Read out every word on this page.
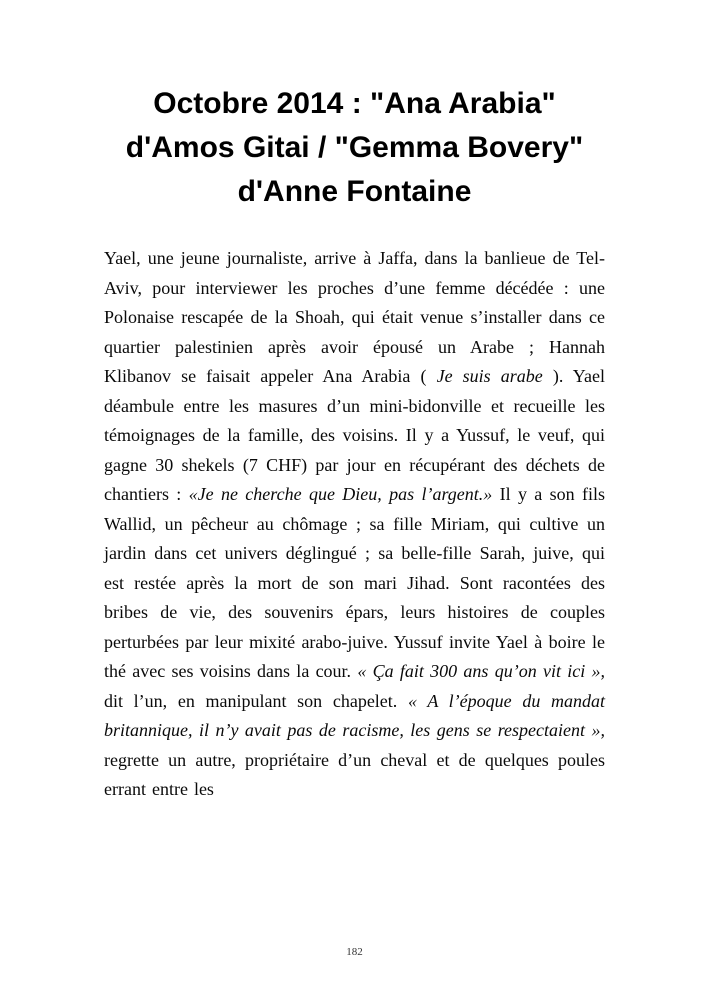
Octobre 2014 : "Ana Arabia" d'Amos Gitai / "Gemma Bovery" d'Anne Fontaine

Yael, une jeune journaliste, arrive à Jaffa, dans la banlieue de Tel-Aviv, pour interviewer les proches d’une femme décédée : une Polonaise rescapée de la Shoah, qui était venue s’installer dans ce quartier palestinien après avoir épousé un Arabe ; Hannah Klibanov se faisait appeler Ana Arabia ( Je suis arabe ). Yael déambule entre les masures d’un mini-bidonville et recueille les témoignages de la famille, des voisins. Il y a Yussuf, le veuf, qui gagne 30 shekels (7 CHF) par jour en récupérant des déchets de chantiers : «Je ne cherche que Dieu, pas l’argent.» Il y a son fils Wallid, un pêcheur au chômage ; sa fille Miriam, qui cultive un jardin dans cet univers déglingué ; sa belle-fille Sarah, juive, qui est restée après la mort de son mari Jihad. Sont racontées des bribes de vie, des souvenirs épars, leurs histoires de couples perturbées par leur mixité arabo-juive. Yussuf invite Yael à boire le thé avec ses voisins dans la cour. « Ça fait 300 ans qu’on vit ici », dit l’un, en manipulant son chapelet. « A l’époque du mandat britannique, il n’y avait pas de racisme, les gens se respectaient », regrette un autre, propriétaire d’un cheval et de quelques poules errant entre les

182
